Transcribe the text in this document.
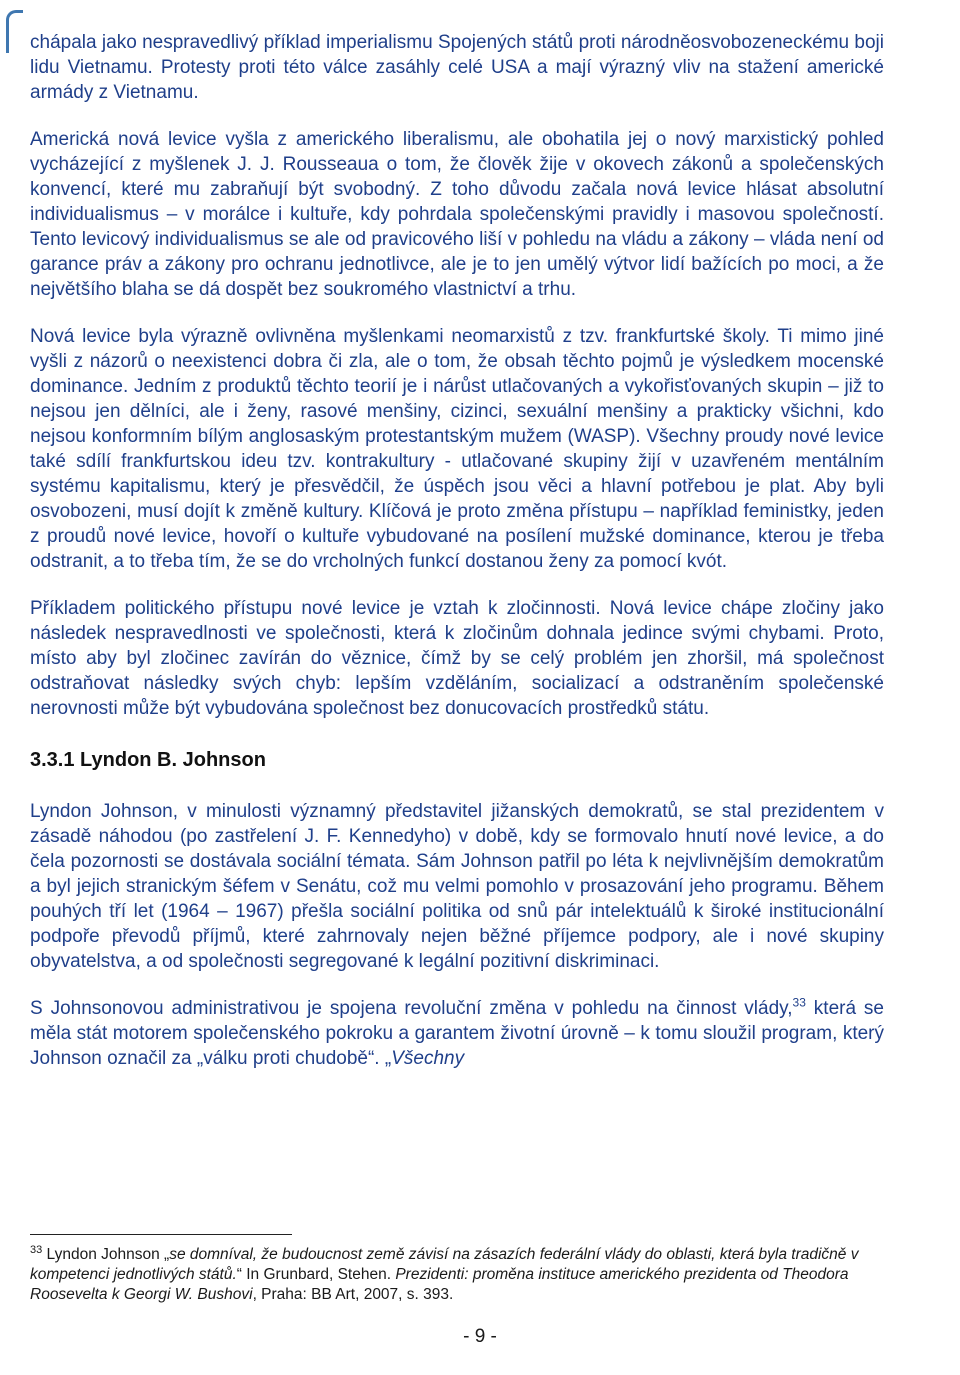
chápala jako nespravedlivý příklad imperialismu Spojených států proti národněosvobozeneckému boji lidu Vietnamu. Protesty proti této válce zasáhly celé USA a mají výrazný vliv na stažení americké armády z Vietnamu.

Americká nová levice vyšla z amerického liberalismu, ale obohatila jej o nový marxistický pohled vycházející z myšlenek J. J. Rousseaua o tom, že člověk žije v okovech zákonů a společenských konvencí, které mu zabraňují být svobodný. Z toho důvodu začala nová levice hlásat absolutní individualismus – v morálce i kultuře, kdy pohrdala společenskými pravidly i masovou společností. Tento levicový individualismus se ale od pravicového liší v pohledu na vládu a zákony – vláda není od garance práv a zákony pro ochranu jednotlivce, ale je to jen umělý výtvor lidí bažících po moci, a že největšího blaha se dá dospět bez soukromého vlastnictví a trhu.

Nová levice byla výrazně ovlivněna myšlenkami neomarxistů z tzv. frankfurtské školy. Ti mimo jiné vyšli z názorů o neexistenci dobra či zla, ale o tom, že obsah těchto pojmů je výsledkem mocenské dominance. Jedním z produktů těchto teorií je i nárůst utlačovaných a vykořisťovaných skupin – již to nejsou jen dělníci, ale i ženy, rasové menšiny, cizinci, sexuální menšiny a prakticky všichni, kdo nejsou konformním bílým anglosaským protestantským mužem (WASP). Všechny proudy nové levice také sdílí frankfurtskou ideu tzv. kontrakultury - utlačované skupiny žijí v uzavřeném mentálním systému kapitalismu, který je přesvědčil, že úspěch jsou věci a hlavní potřebou je plat. Aby byli osvobozeni, musí dojít k změně kultury. Klíčová je proto změna přístupu – například feministky, jeden z proudů nové levice, hovoří o kultuře vybudované na posílení mužské dominance, kterou je třeba odstranit, a to třeba tím, že se do vrcholných funkcí dostanou ženy za pomocí kvót.

Příkladem politického přístupu nové levice je vztah k zločinnosti. Nová levice chápe zločiny jako následek nespravedlnosti ve společnosti, která k zločinům dohnala jedince svými chybami. Proto, místo aby byl zločinec zavírán do věznice, čímž by se celý problém jen zhoršil, má společnost odstraňovat následky svých chyb: lepším vzděláním, socializací a odstraněním společenské nerovnosti může být vybudována společnost bez donucovacích prostředků státu.

3.3.1 Lyndon B. Johnson

Lyndon Johnson, v minulosti významný představitel jižanských demokratů, se stal prezidentem v zásadě náhodou (po zastřelení J. F. Kennedyho) v době, kdy se formovalo hnutí nové levice, a do čela pozornosti se dostávala sociální témata. Sám Johnson patřil po léta k nejvlivnějším demokratům a byl jejich stranickým šéfem v Senátu, což mu velmi pomohlo v prosazování jeho programu. Během pouhých tří let (1964 – 1967) přešla sociální politika od snů pár intelektuálů k široké institucionální podpoře převodů příjmů, které zahrnovaly nejen běžné příjemce podpory, ale i nové skupiny obyvatelstva, a od společnosti segregované k legální pozitivní diskriminaci.

S Johnsonovou administrativou je spojena revoluční změna v pohledu na činnost vlády,$^{33}$ která se měla stát motorem společenského pokroku a garantem životní úrovně – k tomu sloužil program, který Johnson označil za „válku proti chudobě“. „Všechny

$^{33}$ Lyndon Johnson „se domníval, že budoucnost země závisí na zásazích federální vlády do oblasti, která byla tradičně v kompetenci jednotlivých států.“ In Grunbard, Stehen. Prezidenti: proměna instituce amerického prezidenta od Theodora Roosevelta k Georgi W. Bushovi, Praha: BB Art, 2007, s. 393.
- 9 -
